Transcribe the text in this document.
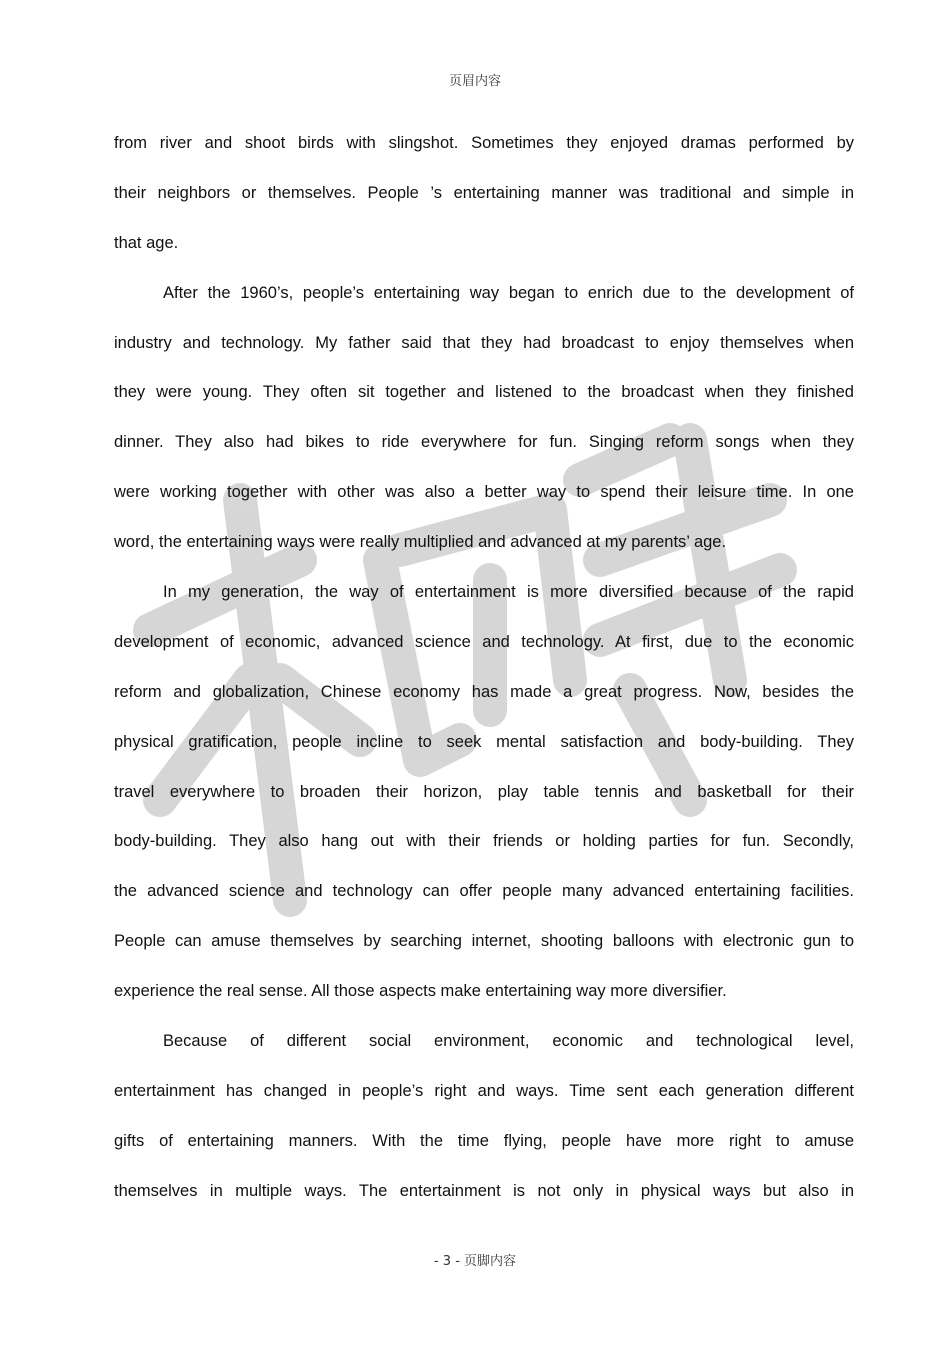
页眉内容
from river and shoot birds with slingshot. Sometimes they enjoyed dramas performed by
their neighbors or themselves. People ’s entertaining manner was traditional and simple in
that age.
After the 1960’s, people’s entertaining way began to enrich due to the development of
industry and technology. My father said that they had broadcast to enjoy themselves when
they were young. They often sit together and listened to the broadcast when they finished
dinner. They also had bikes to ride everywhere for fun. Singing reform songs when they
were working together with other was also a better way to spend their leisure time. In one
word, the entertaining ways were really multiplied and advanced at my parents’ age.
In my generation, the way of entertainment is more diversified because of the rapid
development of economic, advanced science and technology. At first, due to the economic
reform and globalization, Chinese economy has made a great progress. Now, besides the
physical gratification, people incline to seek mental satisfaction and body-building. They
travel everywhere to broaden their horizon, play table tennis and basketball for their
body-building. They also hang out with their friends or holding parties for fun. Secondly,
the advanced science and technology can offer people many advanced entertaining facilities.
People can amuse themselves by searching internet, shooting balloons with electronic gun to
experience the real sense. All those aspects make entertaining way more diversifier.
Because of different social environment, economic and technological level,
entertainment has changed in people’s right and ways. Time sent each generation different
gifts of entertaining manners. With the time flying, people have more right to amuse
themselves in multiple ways. The entertainment is not only in physical ways but also in
- 3 - 页脚内容
